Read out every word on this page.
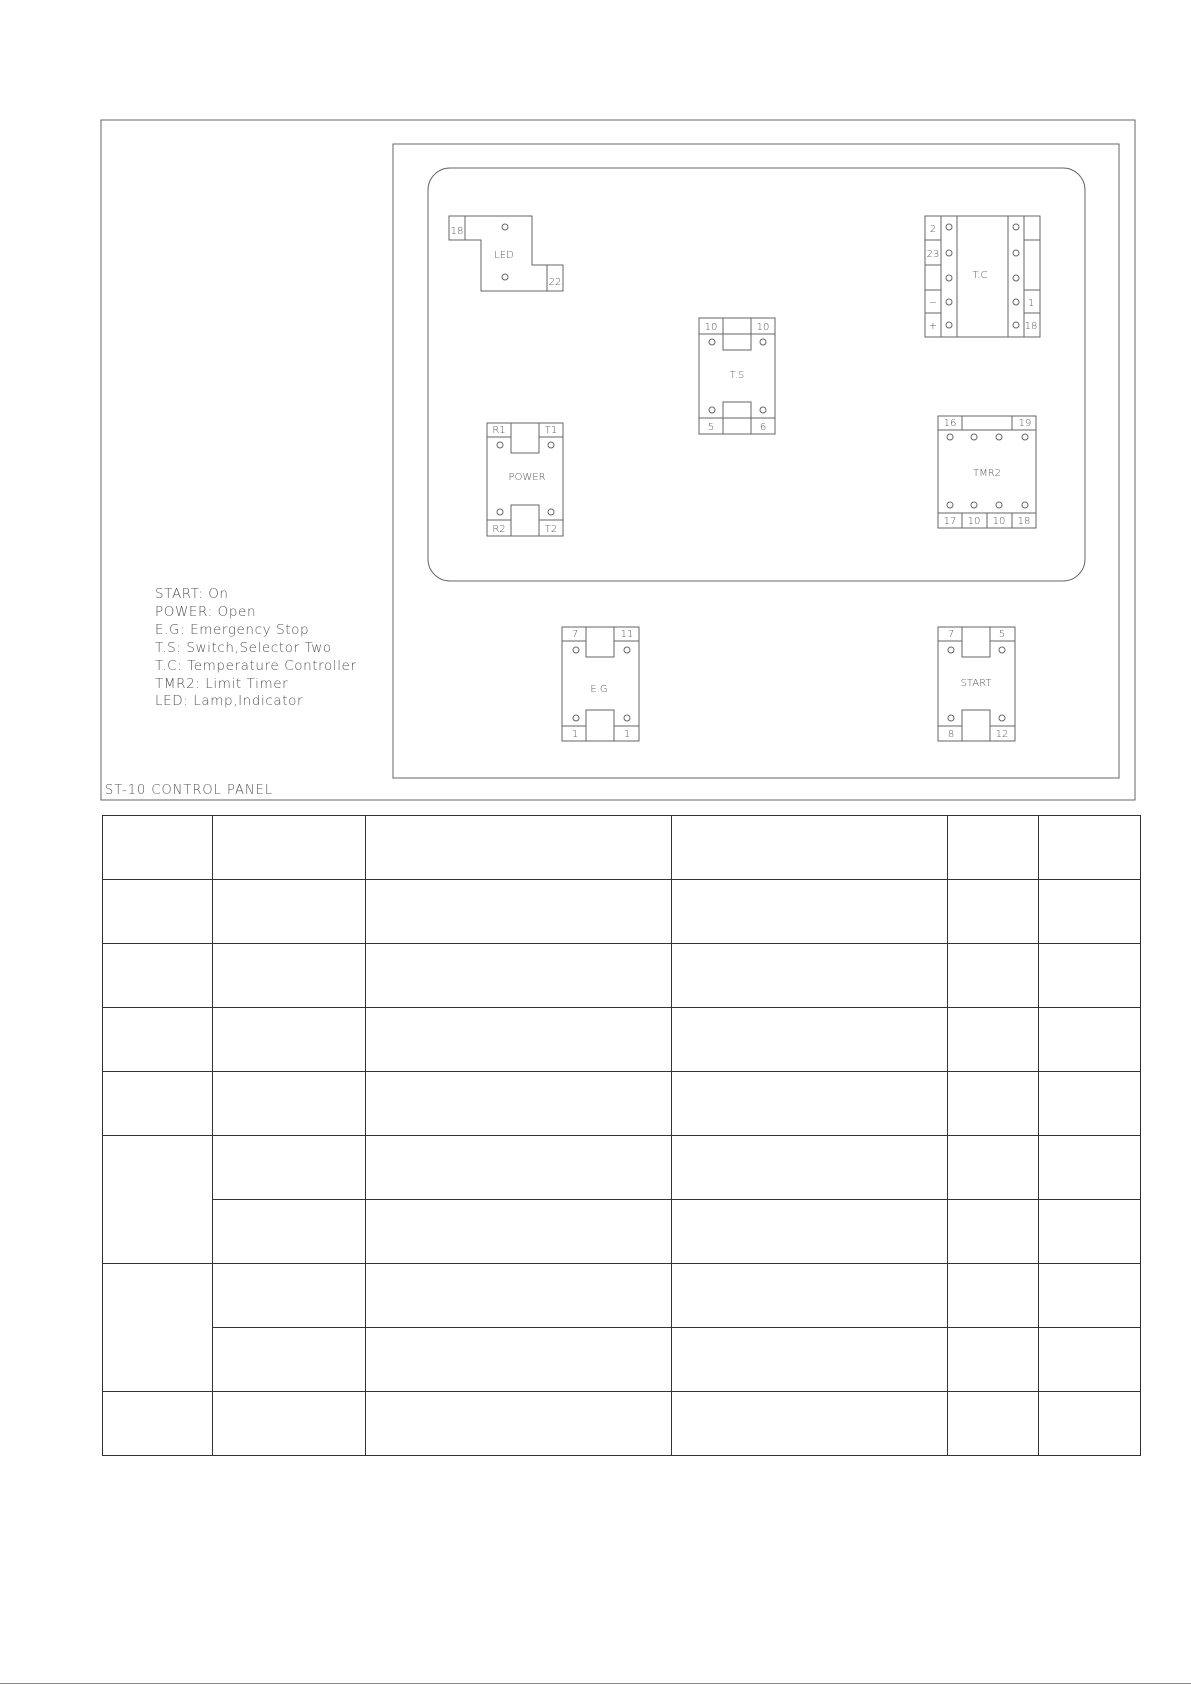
LED
18
22
T.S
10	10
5	6
T.C
2
23
−
+
1
18
POWER
R1	T1
R2	T2
TMR2
16	19
17 10 10 18
E.G
7	11
1	1
START
7	5
8	12
START: On
POWER: Open
E.G: Emergency Stop
T.S: Switch,Selector Two
T.C: Temperature Controller
TMR2: Limit Timer
LED: Lamp,Indicator
ST-10 CONTROL PANEL
